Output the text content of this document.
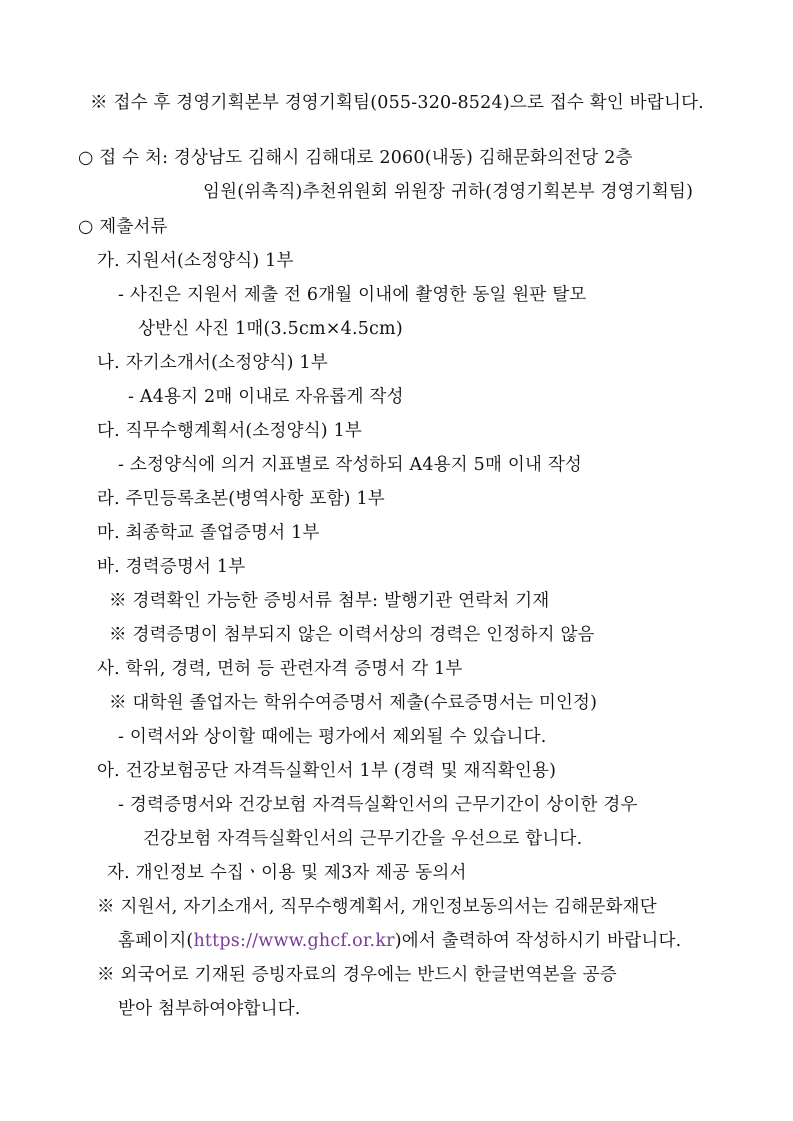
※ 접수 후 경영기획본부 경영기획팀(055-320-8524)으로 접수 확인 바랍니다.
○ 접 수 처: 경상남도 김해시 김해대로 2060(내동) 김해문화의전당 2층
임원(위촉직)추천위원회 위원장 귀하(경영기획본부 경영기획팀)
○ 제출서류
가. 지원서(소정양식) 1부
- 사진은 지원서 제출 전 6개월 이내에 촬영한 동일 원판 탈모
상반신 사진 1매(3.5cm×4.5cm)
나. 자기소개서(소정양식) 1부
- A4용지 2매 이내로 자유롭게 작성
다. 직무수행계획서(소정양식) 1부
- 소정양식에 의거 지표별로 작성하되 A4용지 5매 이내 작성
라. 주민등록초본(병역사항 포함) 1부
마. 최종학교 졸업증명서 1부
바. 경력증명서 1부
※ 경력확인 가능한 증빙서류 첨부: 발행기관 연락처 기재
※ 경력증명이 첨부되지 않은 이력서상의 경력은 인정하지 않음
사. 학위, 경력, 면허 등 관련자격 증명서 각 1부
※ 대학원 졸업자는 학위수여증명서 제출(수료증명서는 미인정)
- 이력서와 상이할 때에는 평가에서 제외될 수 있습니다.
아. 건강보험공단 자격득실확인서 1부 (경력 및 재직확인용)
- 경력증명서와 건강보험 자격득실확인서의 근무기간이 상이한 경우
건강보험 자격득실확인서의 근무기간을 우선으로 합니다.
자. 개인정보 수집ㆍ이용 및 제3자 제공 동의서
※ 지원서, 자기소개서, 직무수행계획서, 개인정보동의서는 김해문화재단
홈페이지(https://www.ghcf.or.kr)에서 출력하여 작성하시기 바랍니다.
※ 외국어로 기재된 증빙자료의 경우에는 반드시 한글번역본을 공증
받아 첨부하여야합니다.
